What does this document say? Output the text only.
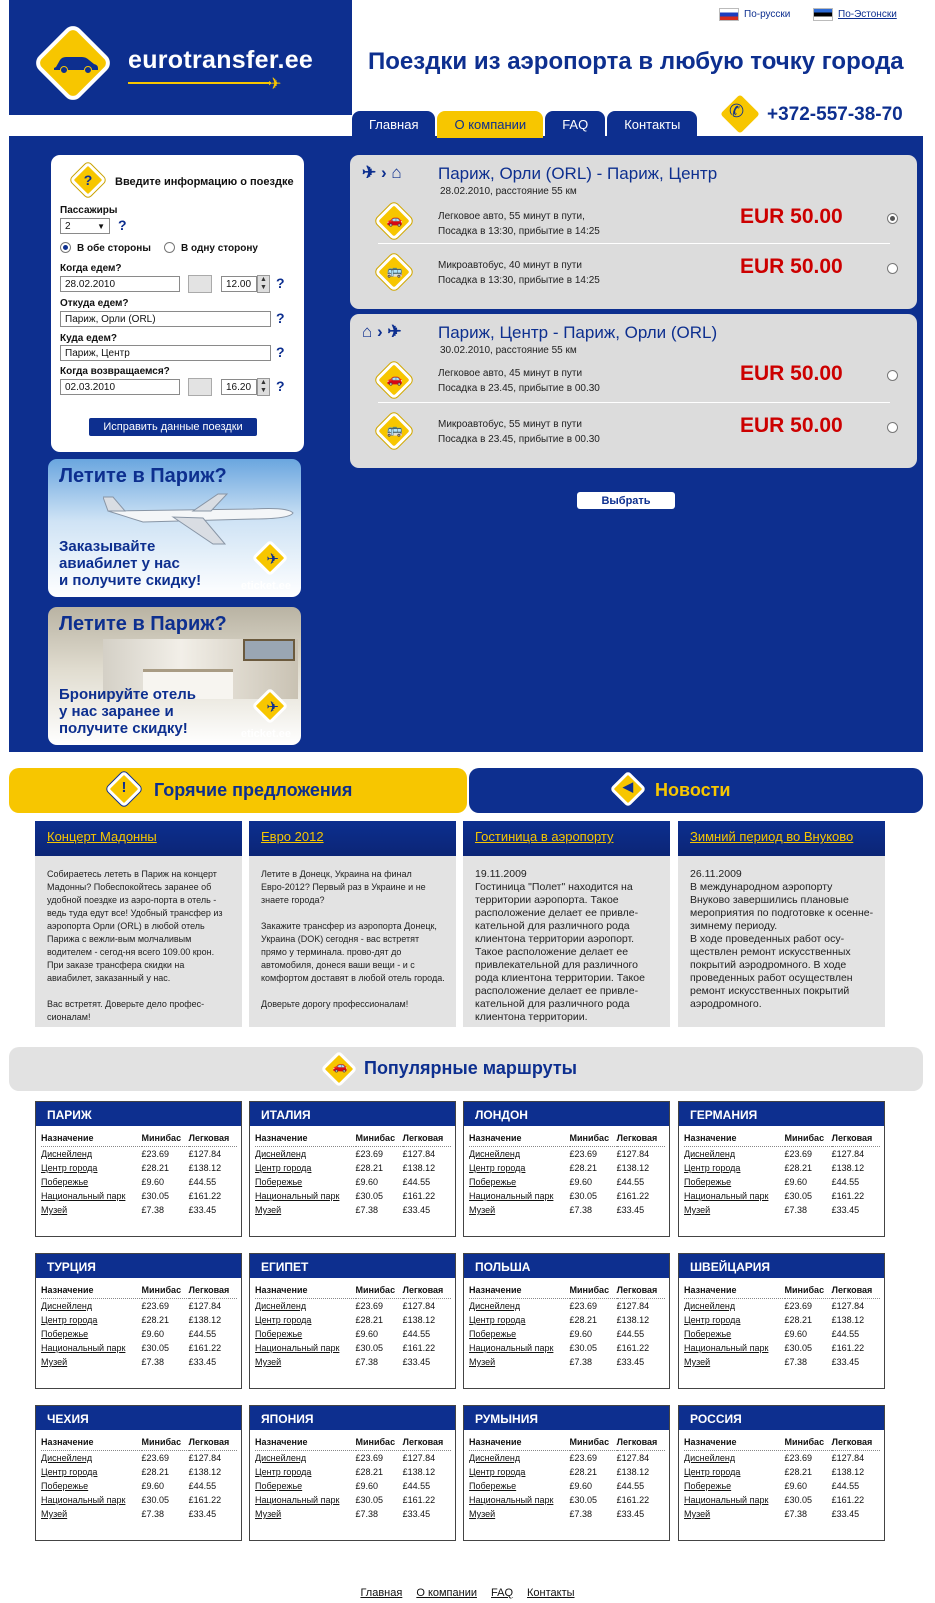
eurotransfer.ee
✈
По-русски	По-Эстонски
Поездки из аэропорта в любую точку города
Главная	О компании	FAQ	Контакты
✆ +372-557-38-70
?	Введите информацию о поездке
Пассажиры
2	▼ ?
В обе стороны	В одну сторону
Когда едем?
28.02.2010	12.00	▲
▼ ?
Откуда едем?
Париж, Орли (ORL)	?
Куда едем?
Париж, Центр	?
Когда возвращаемся?
02.03.2010	16.20	▲
▼ ?
Исправить данные поездки
Летите в Париж?
Заказывайте
авиабилет у нас
и получите скидку!
✈
eticket.ee
Летите в Париж?
Бронируйте отель
у нас заранее и
получите скидку!
✈
eticket.ee
✈ › ⌂ Париж, Орли (ORL) - Париж, Центр
28.02.2010, расстояние 55 км
🚗	Легковое авто, 55 минут в пути,
Посадка в 13:30, прибытие в 14:25
EUR 50.00
🚌	Микроавтобус, 40 минут в пути
Посадка в 13:30, прибытие в 14:25
EUR 50.00
⌂ › ✈ Париж, Центр - Париж, Орли (ORL)
30.02.2010, расстояние 55 км
🚗	Легковое авто, 45 минут в пути
Посадка в 23.45, прибытие в 00.30
EUR 50.00
🚌	Микроавтобус, 55 минут в пути
Посадка в 23.45, прибытие в 00.30
EUR 50.00
Выбрать
!	Горячие предложения	◀	Новости
Концерт Мадонны

Собираетесь лететь в Париж на концерт Мадонны? Побеспокойтесь заранее об удобной поездке из аэро-порта в отель - ведь туда едут все! Удобный трансфер из аэропорта Орли (ORL) в любой отель Парижа с вежли-вым молчаливым водителем - сегод-ня всего 109.00 крон. При заказе трансфера скидки на авиабилет, заказанный у нас.

Вас встретят. Доверьте дело профес-сионалам!

Евро 2012

Летите в Донецк, Украина на финал Евро-2012? Первый раз в Украине и не знаете города?

Закажите трансфер из аэропорта Донецк, Украина (DOK) сегодня - вас встретят прямо у терминала. прово-дят до автомобиля, донеся ваши вещи - и с комфортом доставят в любой отель города.

Доверьте дорогу профессионалам!

Гостиница в аэропорту
19.11.2009
Гостиница "Полет" находится на территории аэропорта. Такое расположение делает ее привле-кательной для различного рода клиентона территории аэропорт. Такое расположение делает ее привлекательной для различного рода клиентона территории. Такое расположение делает ее привле-кательной для различного рода клиентона территории.
Зимний период во Внуково
26.11.2009
В международном аэропорту Внуково завершились плановые мероприятия по подготовке к осенне-зимнему периоду.
В ходе проведенных работ осу-ществлен ремонт искусственных покрытий аэродромного. В ходе проведенных работ осуществлен ремонт искусственных покрытий аэродромного.
🚗 Популярные маршруты
ПАРИЖ
Назначение	Минибас	Легковая
Диснейленд	£23.69	£127.84
Центр города	£28.21	£138.12
Побережье	£9.60	£44.55
Национальный парк	£30.05	£161.22
Музей	£7.38	£33.45
ИТАЛИЯ
Назначение	Минибас	Легковая
Диснейленд	£23.69	£127.84
Центр города	£28.21	£138.12
Побережье	£9.60	£44.55
Национальный парк	£30.05	£161.22
Музей	£7.38	£33.45
ЛОНДОН
Назначение	Минибас	Легковая
Диснейленд	£23.69	£127.84
Центр города	£28.21	£138.12
Побережье	£9.60	£44.55
Национальный парк	£30.05	£161.22
Музей	£7.38	£33.45
ГЕРМАНИЯ
Назначение	Минибас	Легковая
Диснейленд	£23.69	£127.84
Центр города	£28.21	£138.12
Побережье	£9.60	£44.55
Национальный парк	£30.05	£161.22
Музей	£7.38	£33.45
ТУРЦИЯ
Назначение	Минибас	Легковая
Диснейленд	£23.69	£127.84
Центр города	£28.21	£138.12
Побережье	£9.60	£44.55
Национальный парк	£30.05	£161.22
Музей	£7.38	£33.45
ЕГИПЕТ
Назначение	Минибас	Легковая
Диснейленд	£23.69	£127.84
Центр города	£28.21	£138.12
Побережье	£9.60	£44.55
Национальный парк	£30.05	£161.22
Музей	£7.38	£33.45
ПОЛЬША
Назначение	Минибас	Легковая
Диснейленд	£23.69	£127.84
Центр города	£28.21	£138.12
Побережье	£9.60	£44.55
Национальный парк	£30.05	£161.22
Музей	£7.38	£33.45
ШВЕЙЦАРИЯ
Назначение	Минибас	Легковая
Диснейленд	£23.69	£127.84
Центр города	£28.21	£138.12
Побережье	£9.60	£44.55
Национальный парк	£30.05	£161.22
Музей	£7.38	£33.45
ЧЕХИЯ
Назначение	Минибас	Легковая
Диснейленд	£23.69	£127.84
Центр города	£28.21	£138.12
Побережье	£9.60	£44.55
Национальный парк	£30.05	£161.22
Музей	£7.38	£33.45
ЯПОНИЯ
Назначение	Минибас	Легковая
Диснейленд	£23.69	£127.84
Центр города	£28.21	£138.12
Побережье	£9.60	£44.55
Национальный парк	£30.05	£161.22
Музей	£7.38	£33.45
РУМЫНИЯ
Назначение	Минибас	Легковая
Диснейленд	£23.69	£127.84
Центр города	£28.21	£138.12
Побережье	£9.60	£44.55
Национальный парк	£30.05	£161.22
Музей	£7.38	£33.45
РОССИЯ
Назначение	Минибас	Легковая
Диснейленд	£23.69	£127.84
Центр города	£28.21	£138.12
Побережье	£9.60	£44.55
Национальный парк	£30.05	£161.22
Музей	£7.38	£33.45
Главная О компании FAQ Контакты
